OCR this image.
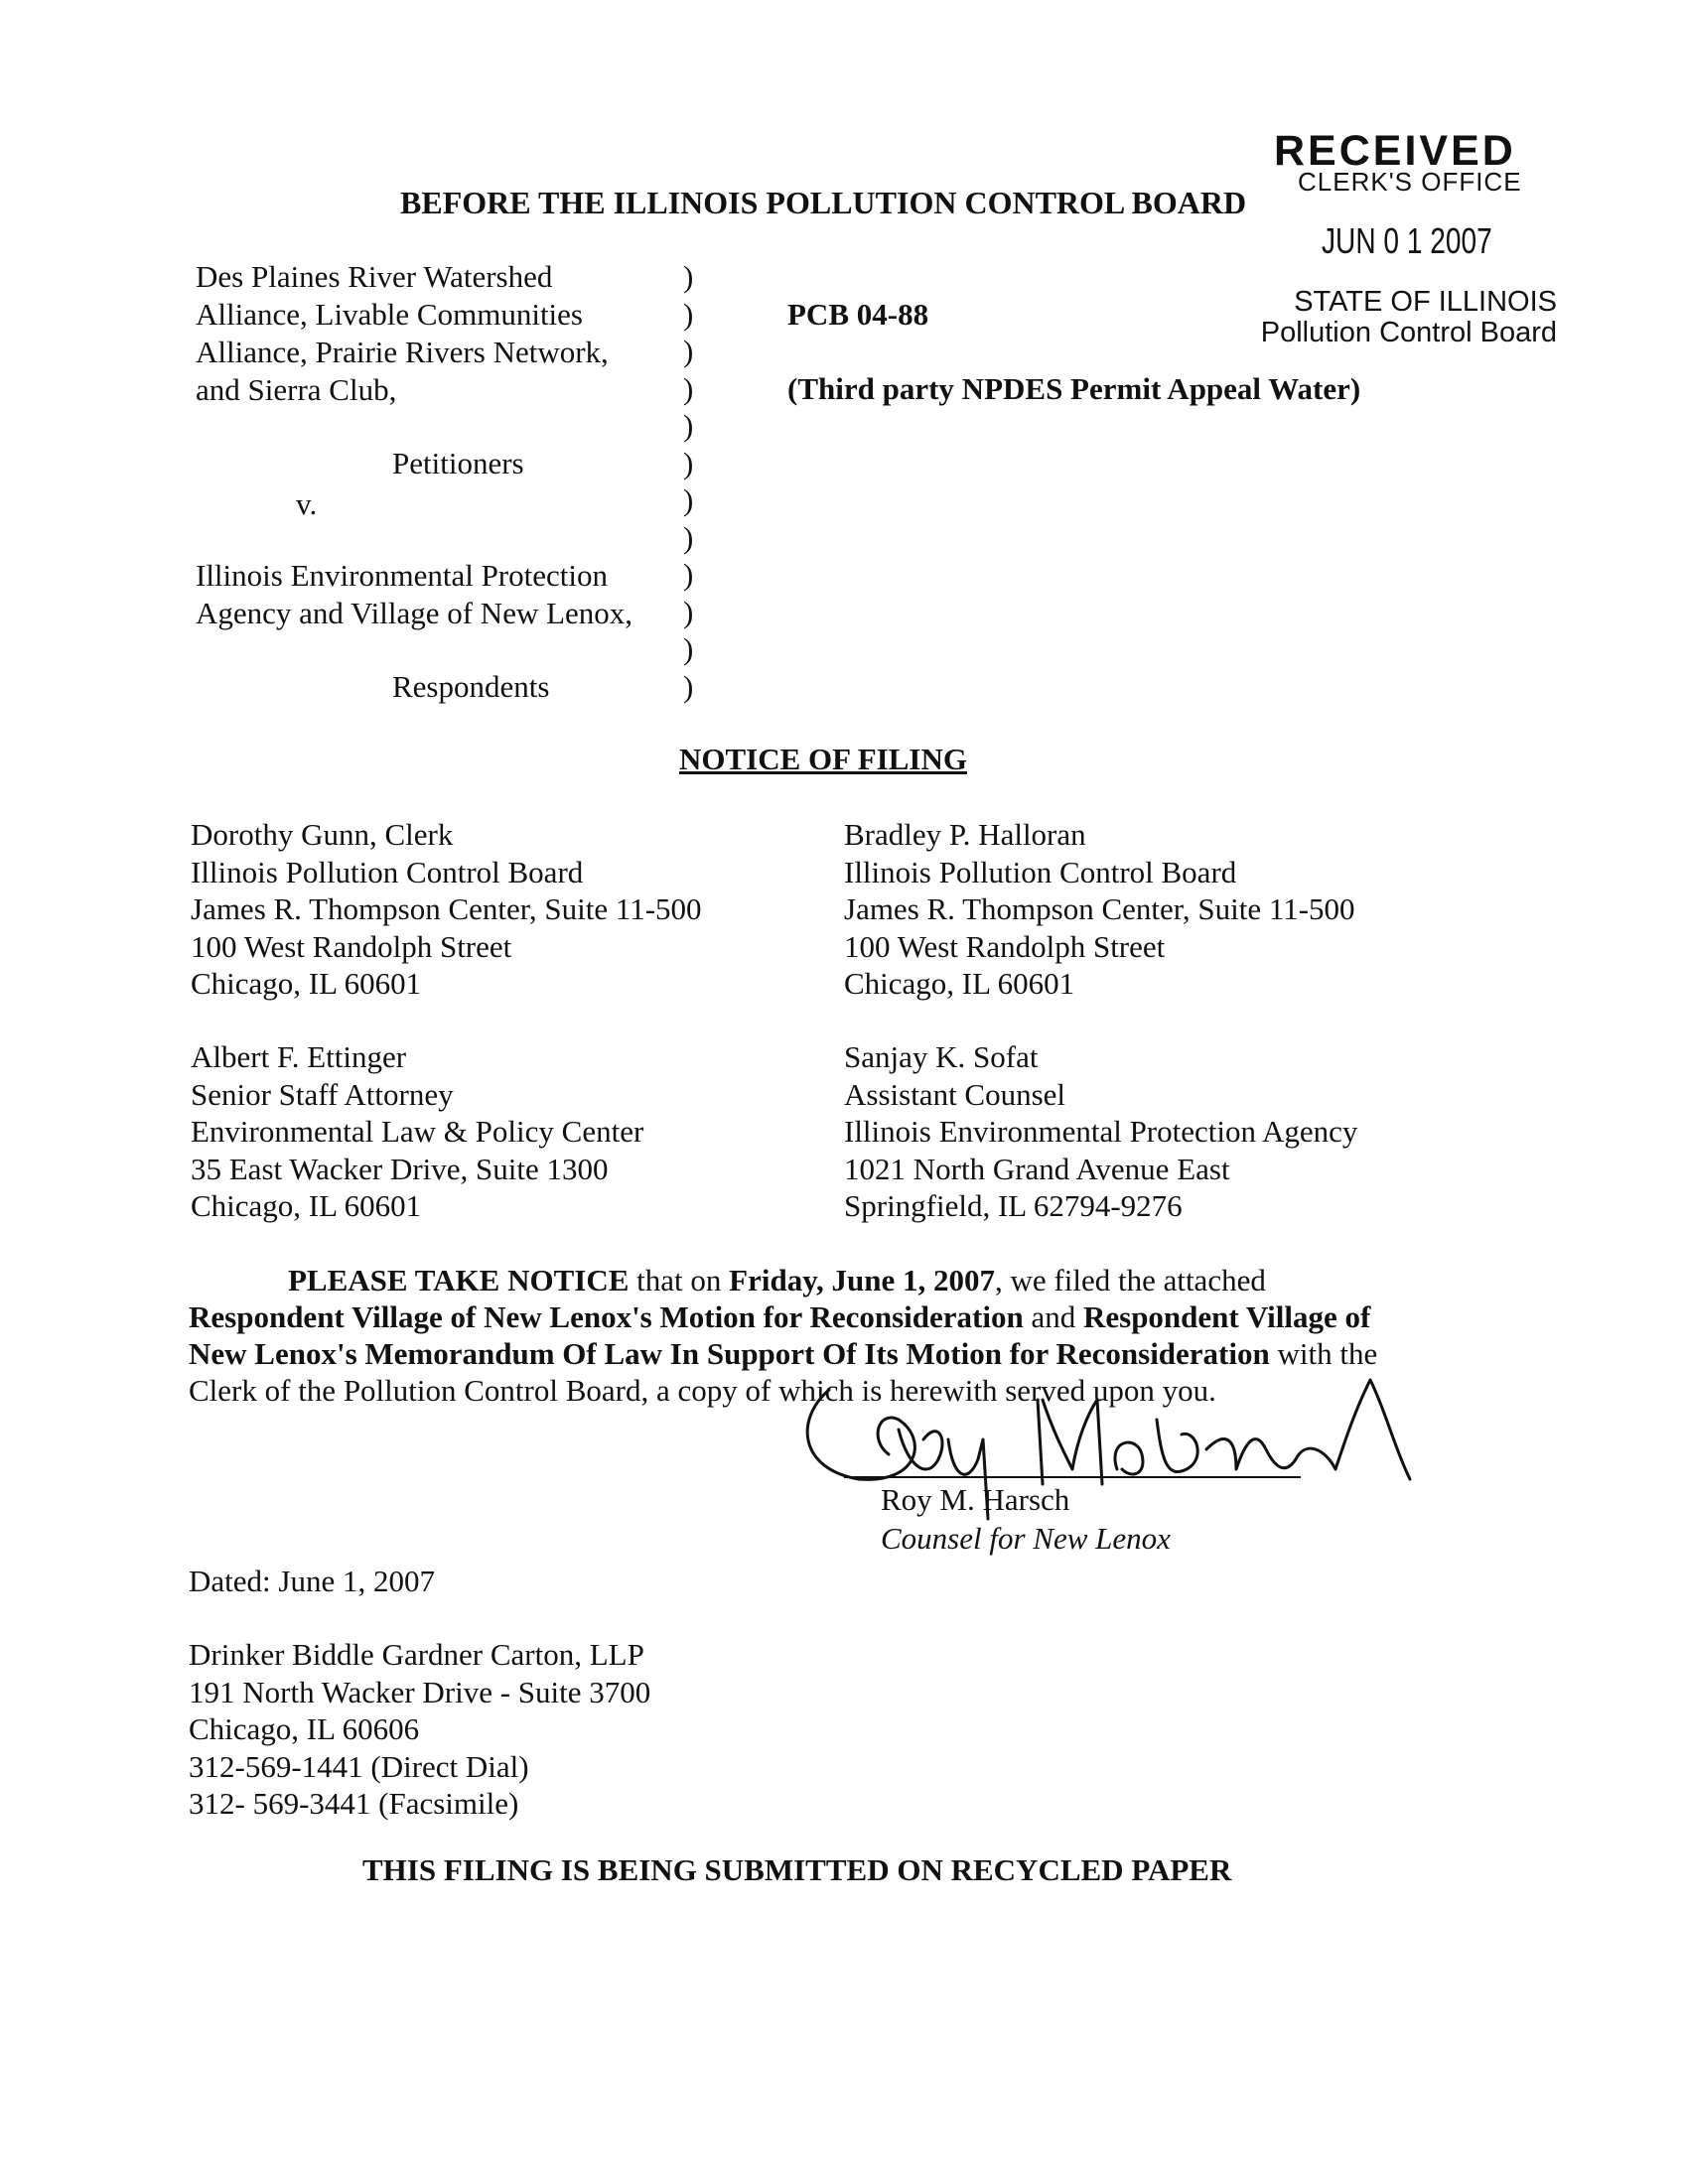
RECEIVED
CLERK'S OFFICE
JUN 0 1 2007
STATE OF ILLINOIS
Pollution Control Board
BEFORE THE ILLINOIS POLLUTION CONTROL BOARD
Des Plaines River Watershed
Alliance, Livable Communities
Alliance, Prairie Rivers Network,
and Sierra Club,
Petitioners
v.
Illinois Environmental Protection
Agency and Village of New Lenox,
Respondents
)
)
)
)
)
)
)
)
)
)
)
)
PCB 04-88
(Third party NPDES Permit Appeal Water)
NOTICE OF FILING
Dorothy Gunn, Clerk
Illinois Pollution Control Board
James R. Thompson Center, Suite 11-500
100 West Randolph Street
Chicago, IL 60601
Bradley P. Halloran
Illinois Pollution Control Board
James R. Thompson Center, Suite 11-500
100 West Randolph Street
Chicago, IL 60601
Albert F. Ettinger
Senior Staff Attorney
Environmental Law & Policy Center
35 East Wacker Drive, Suite 1300
Chicago, IL 60601
Sanjay K. Sofat
Assistant Counsel
Illinois Environmental Protection Agency
1021 North Grand Avenue East
Springfield, IL 62794-9276
PLEASE TAKE NOTICE that on Friday, June 1, 2007, we filed the attached
Respondent Village of New Lenox's Motion for Reconsideration and Respondent Village of
New Lenox's Memorandum Of Law In Support Of Its Motion for Reconsideration with the
Clerk of the Pollution Control Board, a copy of which is herewith served upon you.
Roy M. Harsch
Counsel for New Lenox
Dated: June 1, 2007
Drinker Biddle Gardner Carton, LLP
191 North Wacker Drive - Suite 3700
Chicago, IL 60606
312-569-1441 (Direct Dial)
312- 569-3441 (Facsimile)
THIS FILING IS BEING SUBMITTED ON RECYCLED PAPER
